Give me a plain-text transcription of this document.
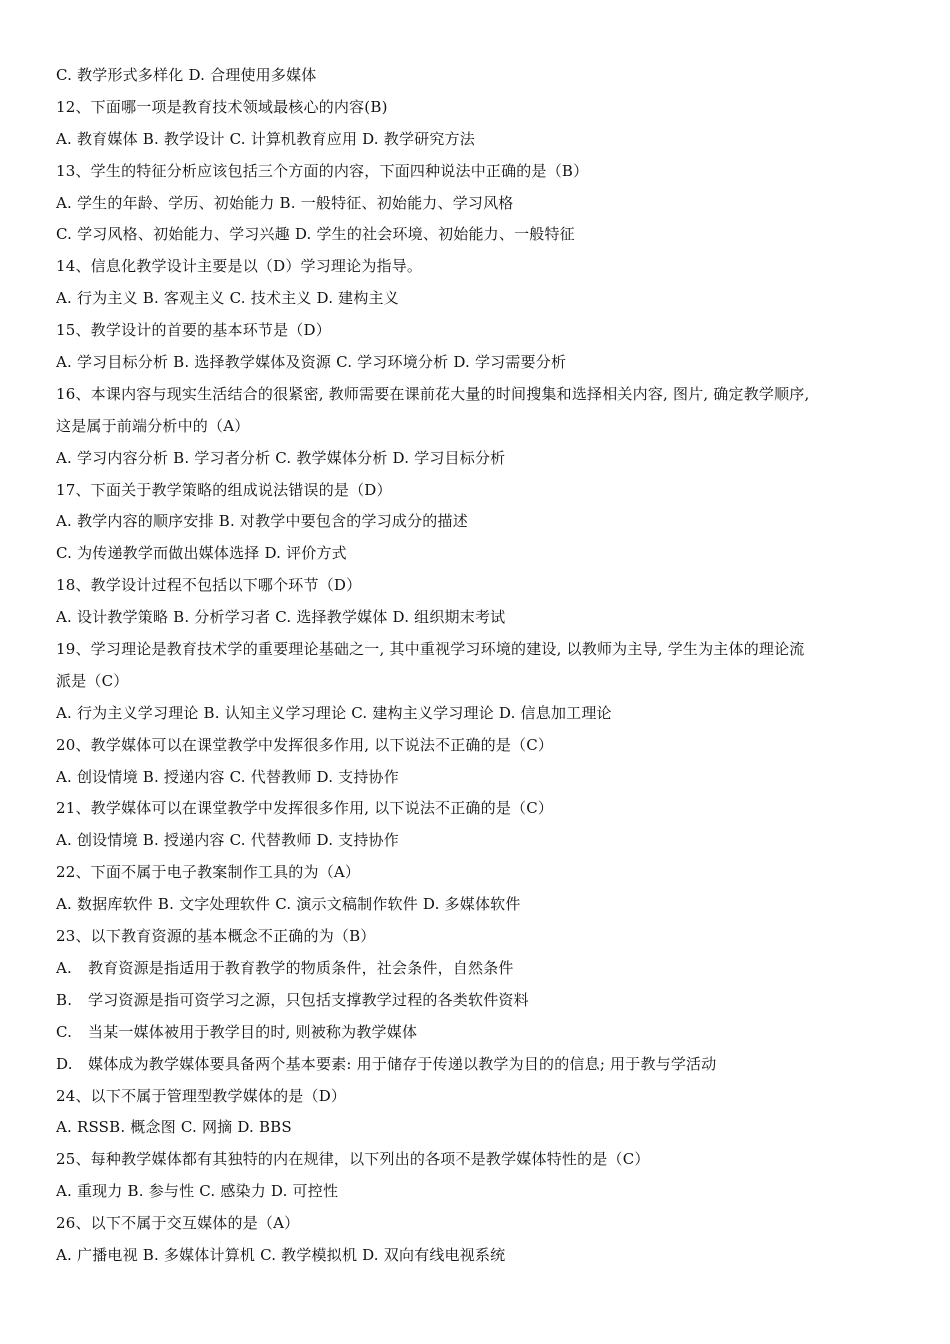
C. 教学形式多样化 D. 合理使用多媒体
12、下面哪一项是教育技术领域最核心的内容(B)
A. 教育媒体 B. 教学设计 C. 计算机教育应用 D. 教学研究方法
13、学生的特征分析应该包括三个方面的内容，下面四种说法中正确的是（B）
A. 学生的年龄、学历、初始能力 B. 一般特征、初始能力、学习风格
C. 学习风格、初始能力、学习兴趣 D. 学生的社会环境、初始能力、一般特征
14、信息化教学设计主要是以（D）学习理论为指导。
A. 行为主义 B. 客观主义 C. 技术主义 D. 建构主义
15、教学设计的首要的基本环节是（D）
A. 学习目标分析 B. 选择教学媒体及资源 C. 学习环境分析 D. 学习需要分析
16、本课内容与现实生活结合的很紧密, 教师需要在课前花大量的时间搜集和选择相关内容, 图片, 确定教学顺序,
这是属于前端分析中的（A）
A. 学习内容分析 B. 学习者分析 C. 教学媒体分析 D. 学习目标分析
17、下面关于教学策略的组成说法错误的是（D）
A. 教学内容的顺序安排 B. 对教学中要包含的学习成分的描述
C. 为传递教学而做出媒体选择 D. 评价方式
18、教学设计过程不包括以下哪个环节（D）
A. 设计教学策略 B. 分析学习者 C. 选择教学媒体 D. 组织期末考试
19、学习理论是教育技术学的重要理论基础之一, 其中重视学习环境的建设, 以教师为主导, 学生为主体的理论流
派是（C）
A. 行为主义学习理论 B. 认知主义学习理论 C. 建构主义学习理论 D. 信息加工理论
20、教学媒体可以在课堂教学中发挥很多作用, 以下说法不正确的是（C）
A. 创设情境 B. 授递内容 C. 代替教师 D. 支持协作
21、教学媒体可以在课堂教学中发挥很多作用, 以下说法不正确的是（C）
A. 创设情境 B. 授递内容 C. 代替教师 D. 支持协作
22、下面不属于电子教案制作工具的为（A）
A. 数据库软件 B. 文字处理软件 C. 演示文稿制作软件 D. 多媒体软件
23、以下教育资源的基本概念不正确的为（B）
A.	教育资源是指适用于教育教学的物质条件，社会条件，自然条件
B.	学习资源是指可资学习之源，只包括支撑教学过程的各类软件资料
C.	当某一媒体被用于教学目的时, 则被称为教学媒体
D.	媒体成为教学媒体要具备两个基本要素: 用于储存于传递以教学为目的的信息; 用于教与学活动
24、以下不属于管理型教学媒体的是（D）
A. RSSB. 概念图 C. 网摘 D. BBS
25、每种教学媒体都有其独特的内在规律，以下列出的各项不是教学媒体特性的是（C）
A. 重现力 B. 参与性 C. 感染力 D. 可控性
26、以下不属于交互媒体的是（A）
A. 广播电视 B. 多媒体计算机 C. 教学模拟机 D. 双向有线电视系统
